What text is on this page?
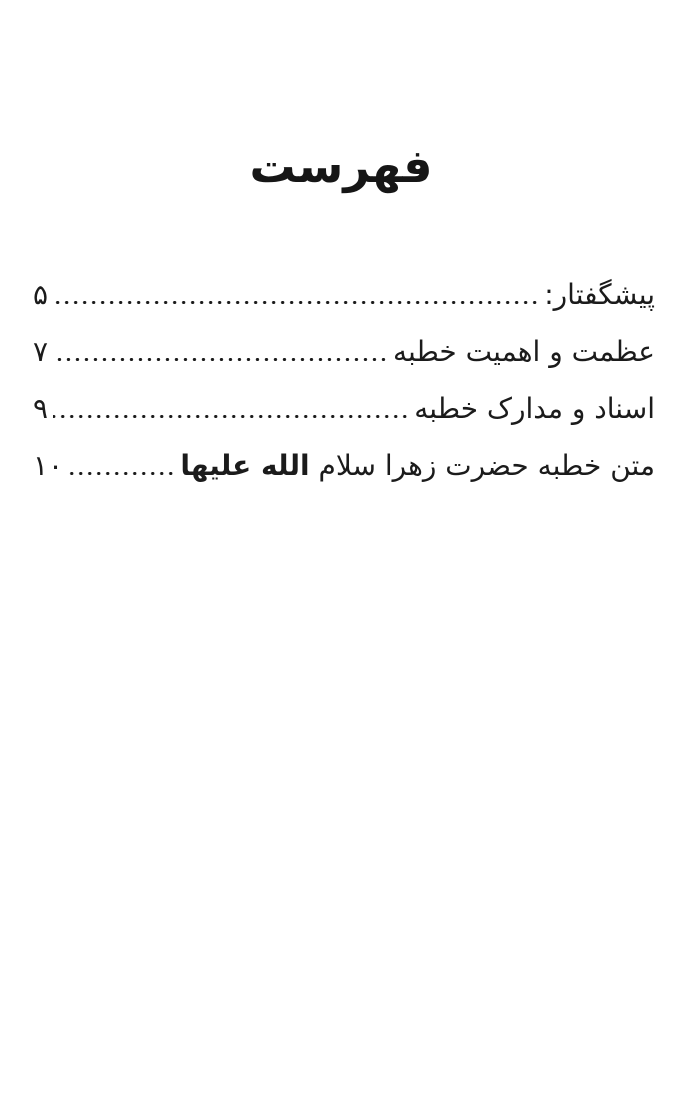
فهرست
پیشگفتار:
۵
عظمت و اهمیت خطبه
۷
اسناد و مدارک خطبه
۹
متن خطبه حضرت زهرا سلام الله علیها
۱۰
